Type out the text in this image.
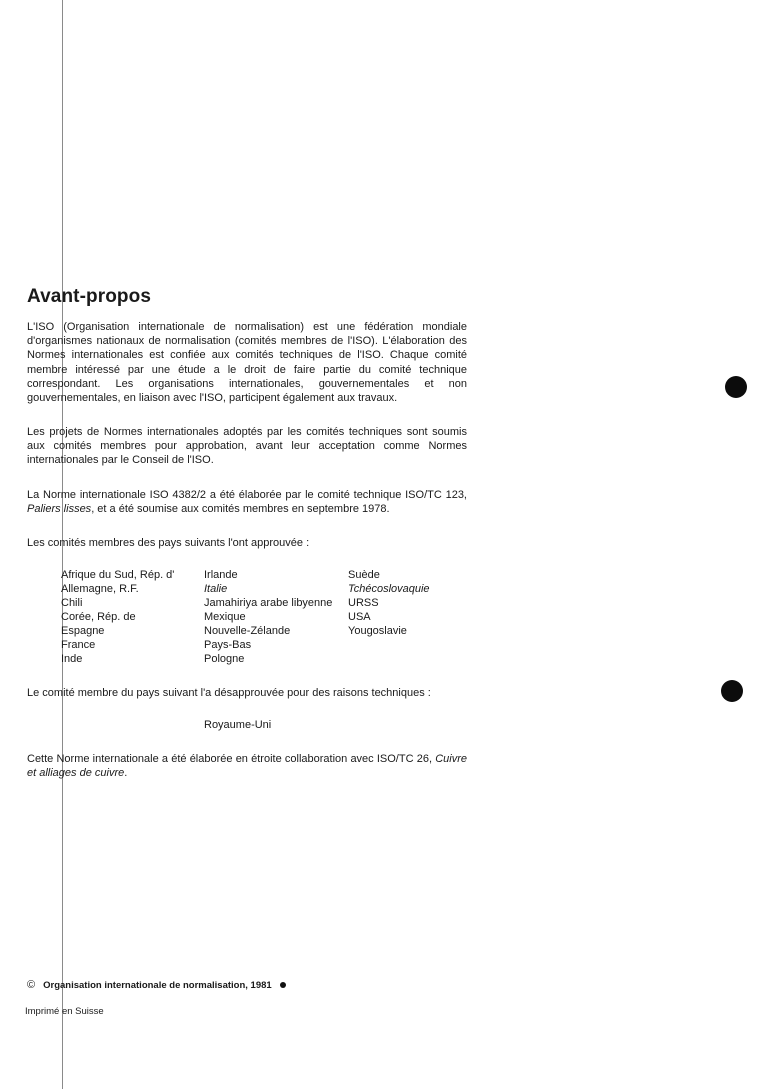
Avant-propos

L'ISO (Organisation internationale de normalisation) est une fédération mondiale d'organismes nationaux de normalisation (comités membres de l'ISO). L'élaboration des Normes internationales est confiée aux comités techniques de l'ISO. Chaque comité membre intéressé par une étude a le droit de faire partie du comité technique correspondant. Les organisations internationales, gouvernementales et non gouvernementales, en liaison avec l'ISO, participent également aux travaux.

Les projets de Normes internationales adoptés par les comités techniques sont soumis aux comités membres pour approbation, avant leur acceptation comme Normes internationales par le Conseil de l'ISO.

La Norme internationale ISO 4382/2 a été élaborée par le comité technique ISO/TC 123, Paliers lisses, et a été soumise aux comités membres en septembre 1978.

Les comités membres des pays suivants l'ont approuvée :

Afrique du Sud, Rép. d'
Allemagne, R.F.
Chili
Corée, Rép. de
Espagne
France
Inde
Irlande
Italie
Jamahiriya arabe libyenne
Mexique
Nouvelle-Zélande
Pays-Bas
Pologne
Suède
Tchécoslovaquie
URSS
USA
Yougoslavie

Le comité membre du pays suivant l'a désapprouvée pour des raisons techniques :

Royaume-Uni

Cette Norme internationale a été élaborée en étroite collaboration avec ISO/TC 26, Cuivre et alliages de cuivre.

© Organisation internationale de normalisation, 1981

Imprimé en Suisse
